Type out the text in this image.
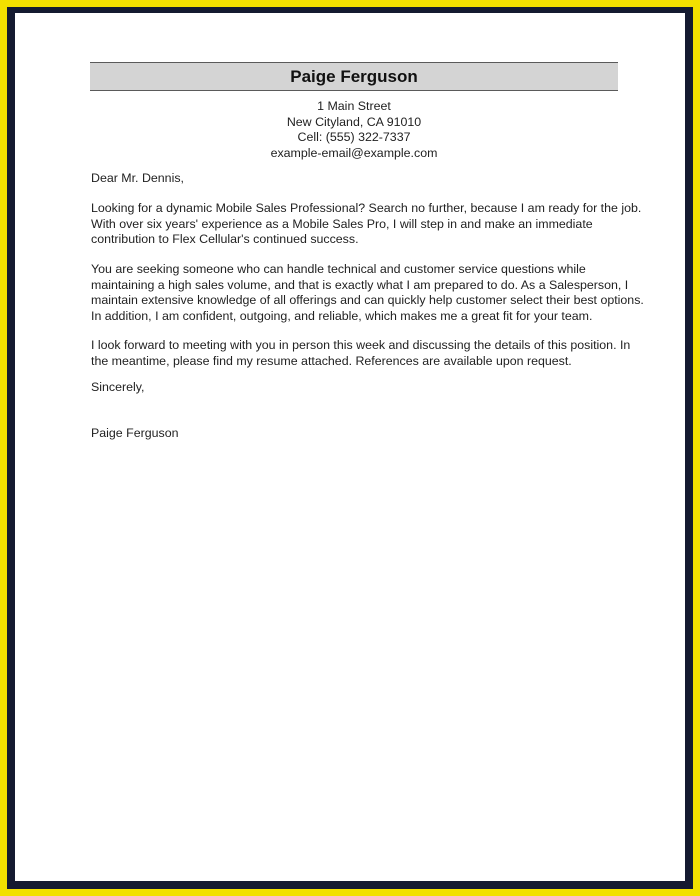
Paige Ferguson
1 Main Street
New Cityland, CA 91010
Cell: (555) 322-7337
example-email@example.com
Dear Mr. Dennis,
Looking for a dynamic Mobile Sales Professional? Search no further, because I am ready for the job.
With over six years' experience as a Mobile Sales Pro, I will step in and make an immediate
contribution to Flex Cellular's continued success.
You are seeking someone who can handle technical and customer service questions while
maintaining a high sales volume, and that is exactly what I am prepared to do. As a Salesperson, I
maintain extensive knowledge of all offerings and can quickly help customer select their best options.
In addition, I am confident, outgoing, and reliable, which makes me a great fit for your team.
I look forward to meeting with you in person this week and discussing the details of this position. In
the meantime, please find my resume attached. References are available upon request.
Sincerely,
Paige Ferguson
